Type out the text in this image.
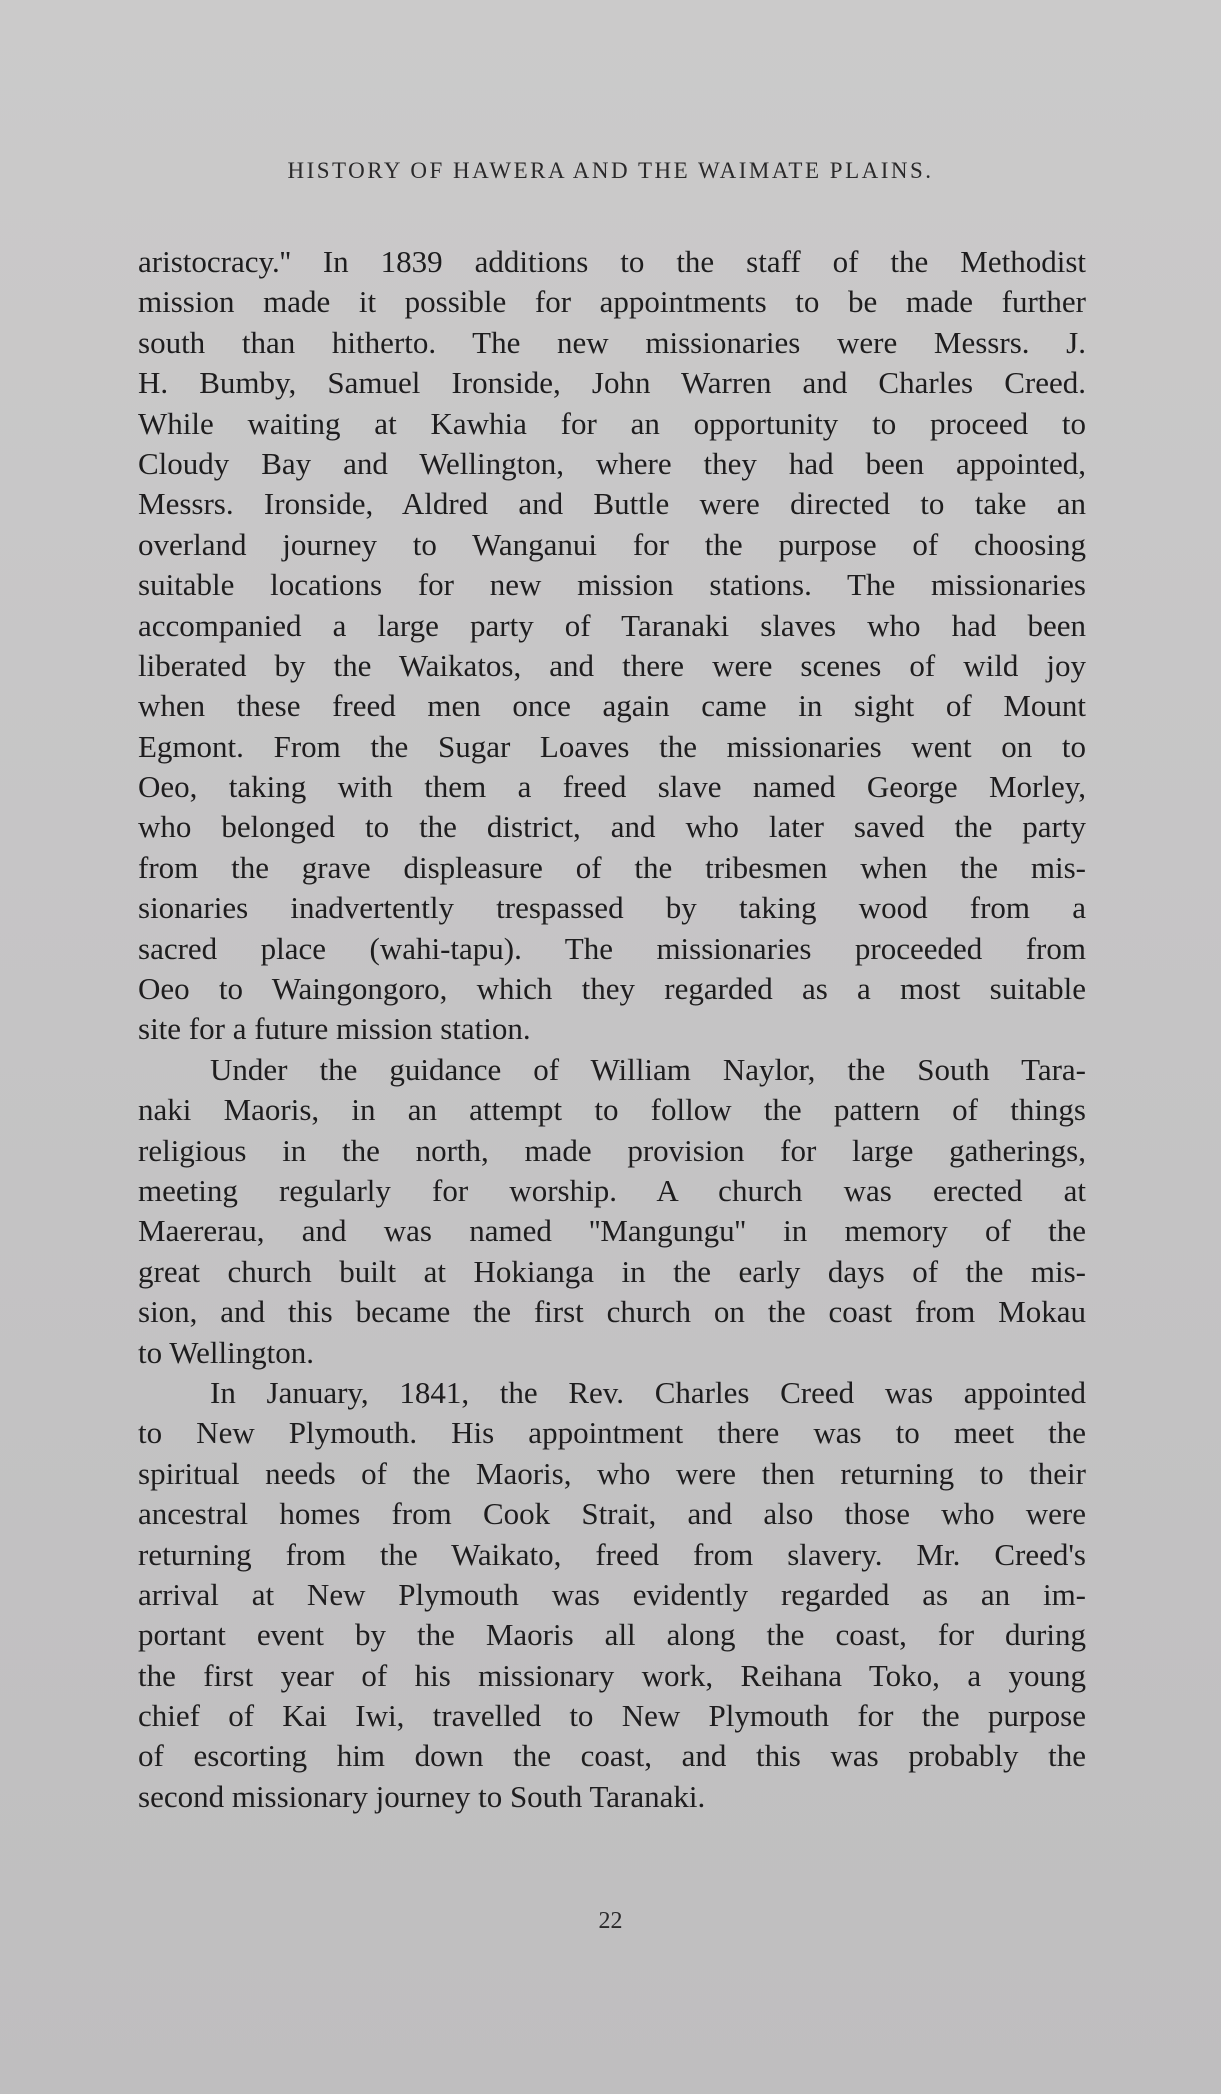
HISTORY OF HAWERA AND THE WAIMATE PLAINS.
aristocracy.'' In 1839 additions to the staff of the Methodist
mission made it possible for appointments to be made further
south than hitherto. The new missionaries were Messrs. J.
H. Bumby, Samuel Ironside, John Warren and Charles Creed.
While waiting at Kawhia for an opportunity to proceed to
Cloudy Bay and Wellington, where they had been appointed,
Messrs. Ironside, Aldred and Buttle were directed to take an
overland journey to Wanganui for the purpose of choosing
suitable locations for new mission stations. The missionaries
accompanied a large party of Taranaki slaves who had been
liberated by the Waikatos, and there were scenes of wild joy
when these freed men once again came in sight of Mount
Egmont. From the Sugar Loaves the missionaries went on to
Oeo, taking with them a freed slave named George Morley,
who belonged to the district, and who later saved the party
from the grave displeasure of the tribesmen when the mis-
sionaries inadvertently trespassed by taking wood from a
sacred place (wahi-tapu). The missionaries proceeded from
Oeo to Waingongoro, which they regarded as a most suitable
site for a future mission station.
Under the guidance of William Naylor, the South Tara-
naki Maoris, in an attempt to follow the pattern of things
religious in the north, made provision for large gatherings,
meeting regularly for worship. A church was erected at
Maererau, and was named ''Mangungu'' in memory of the
great church built at Hokianga in the early days of the mis-
sion, and this became the first church on the coast from Mokau
to Wellington.
In January, 1841, the Rev. Charles Creed was appointed
to New Plymouth. His appointment there was to meet the
spiritual needs of the Maoris, who were then returning to their
ancestral homes from Cook Strait, and also those who were
returning from the Waikato, freed from slavery. Mr. Creed's
arrival at New Plymouth was evidently regarded as an im-
portant event by the Maoris all along the coast, for during
the first year of his missionary work, Reihana Toko, a young
chief of Kai Iwi, travelled to New Plymouth for the purpose
of escorting him down the coast, and this was probably the
second missionary journey to South Taranaki.
22
